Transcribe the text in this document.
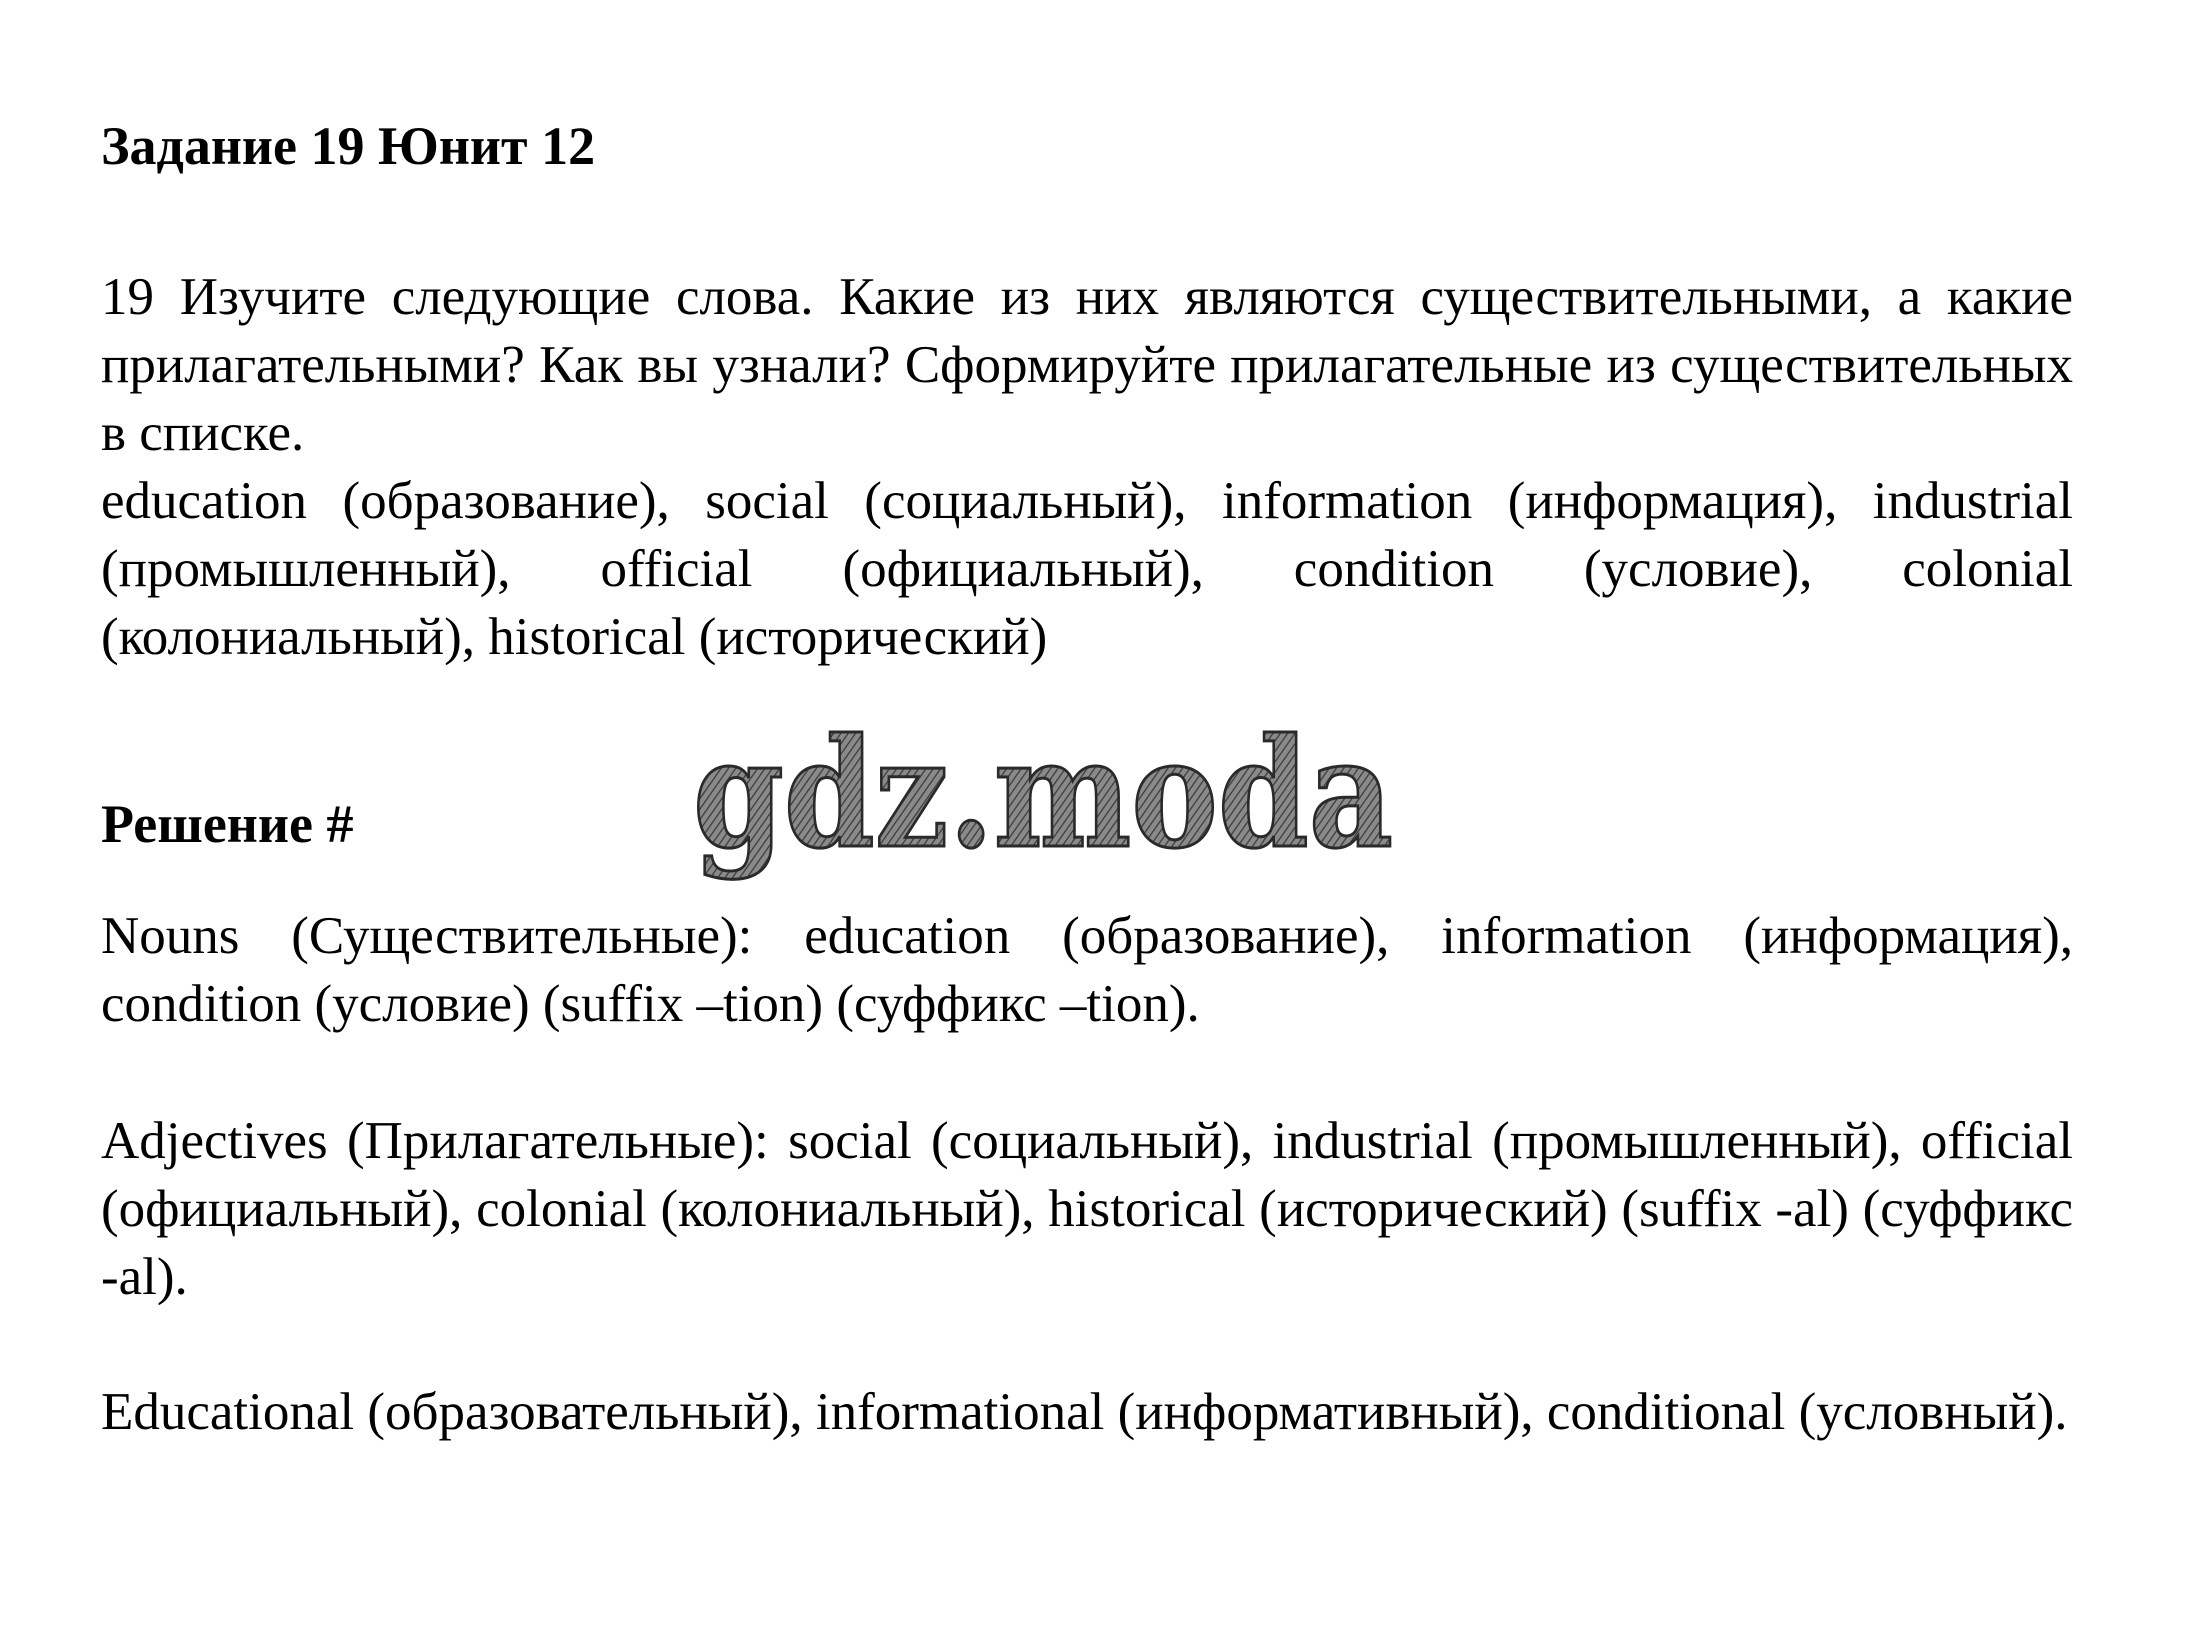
Задание 19 Юнит 12

19 Изучите следующие слова. Какие из них являются существительными, а какие прилагательными? Как вы узнали? Сформируйте прилагательные из существительных в списке.
education (образование), social (социальный), information (информация), industrial (промышленный), official (официальный), condition (условие), colonial (колониальный), historical (исторический)

Решение #

Nouns (Существительные): education (образование), information (информация), condition (условие) (suffix –tion) (суффикс –tion).

Adjectives (Прилагательные): social (социальный), industrial (промышленный), official (официальный), colonial (колониальный), historical (исторический) (suffix -al) (суффикс -al).

Educational (образовательный), informational (информативный), conditional (условный).

gdz.moda
